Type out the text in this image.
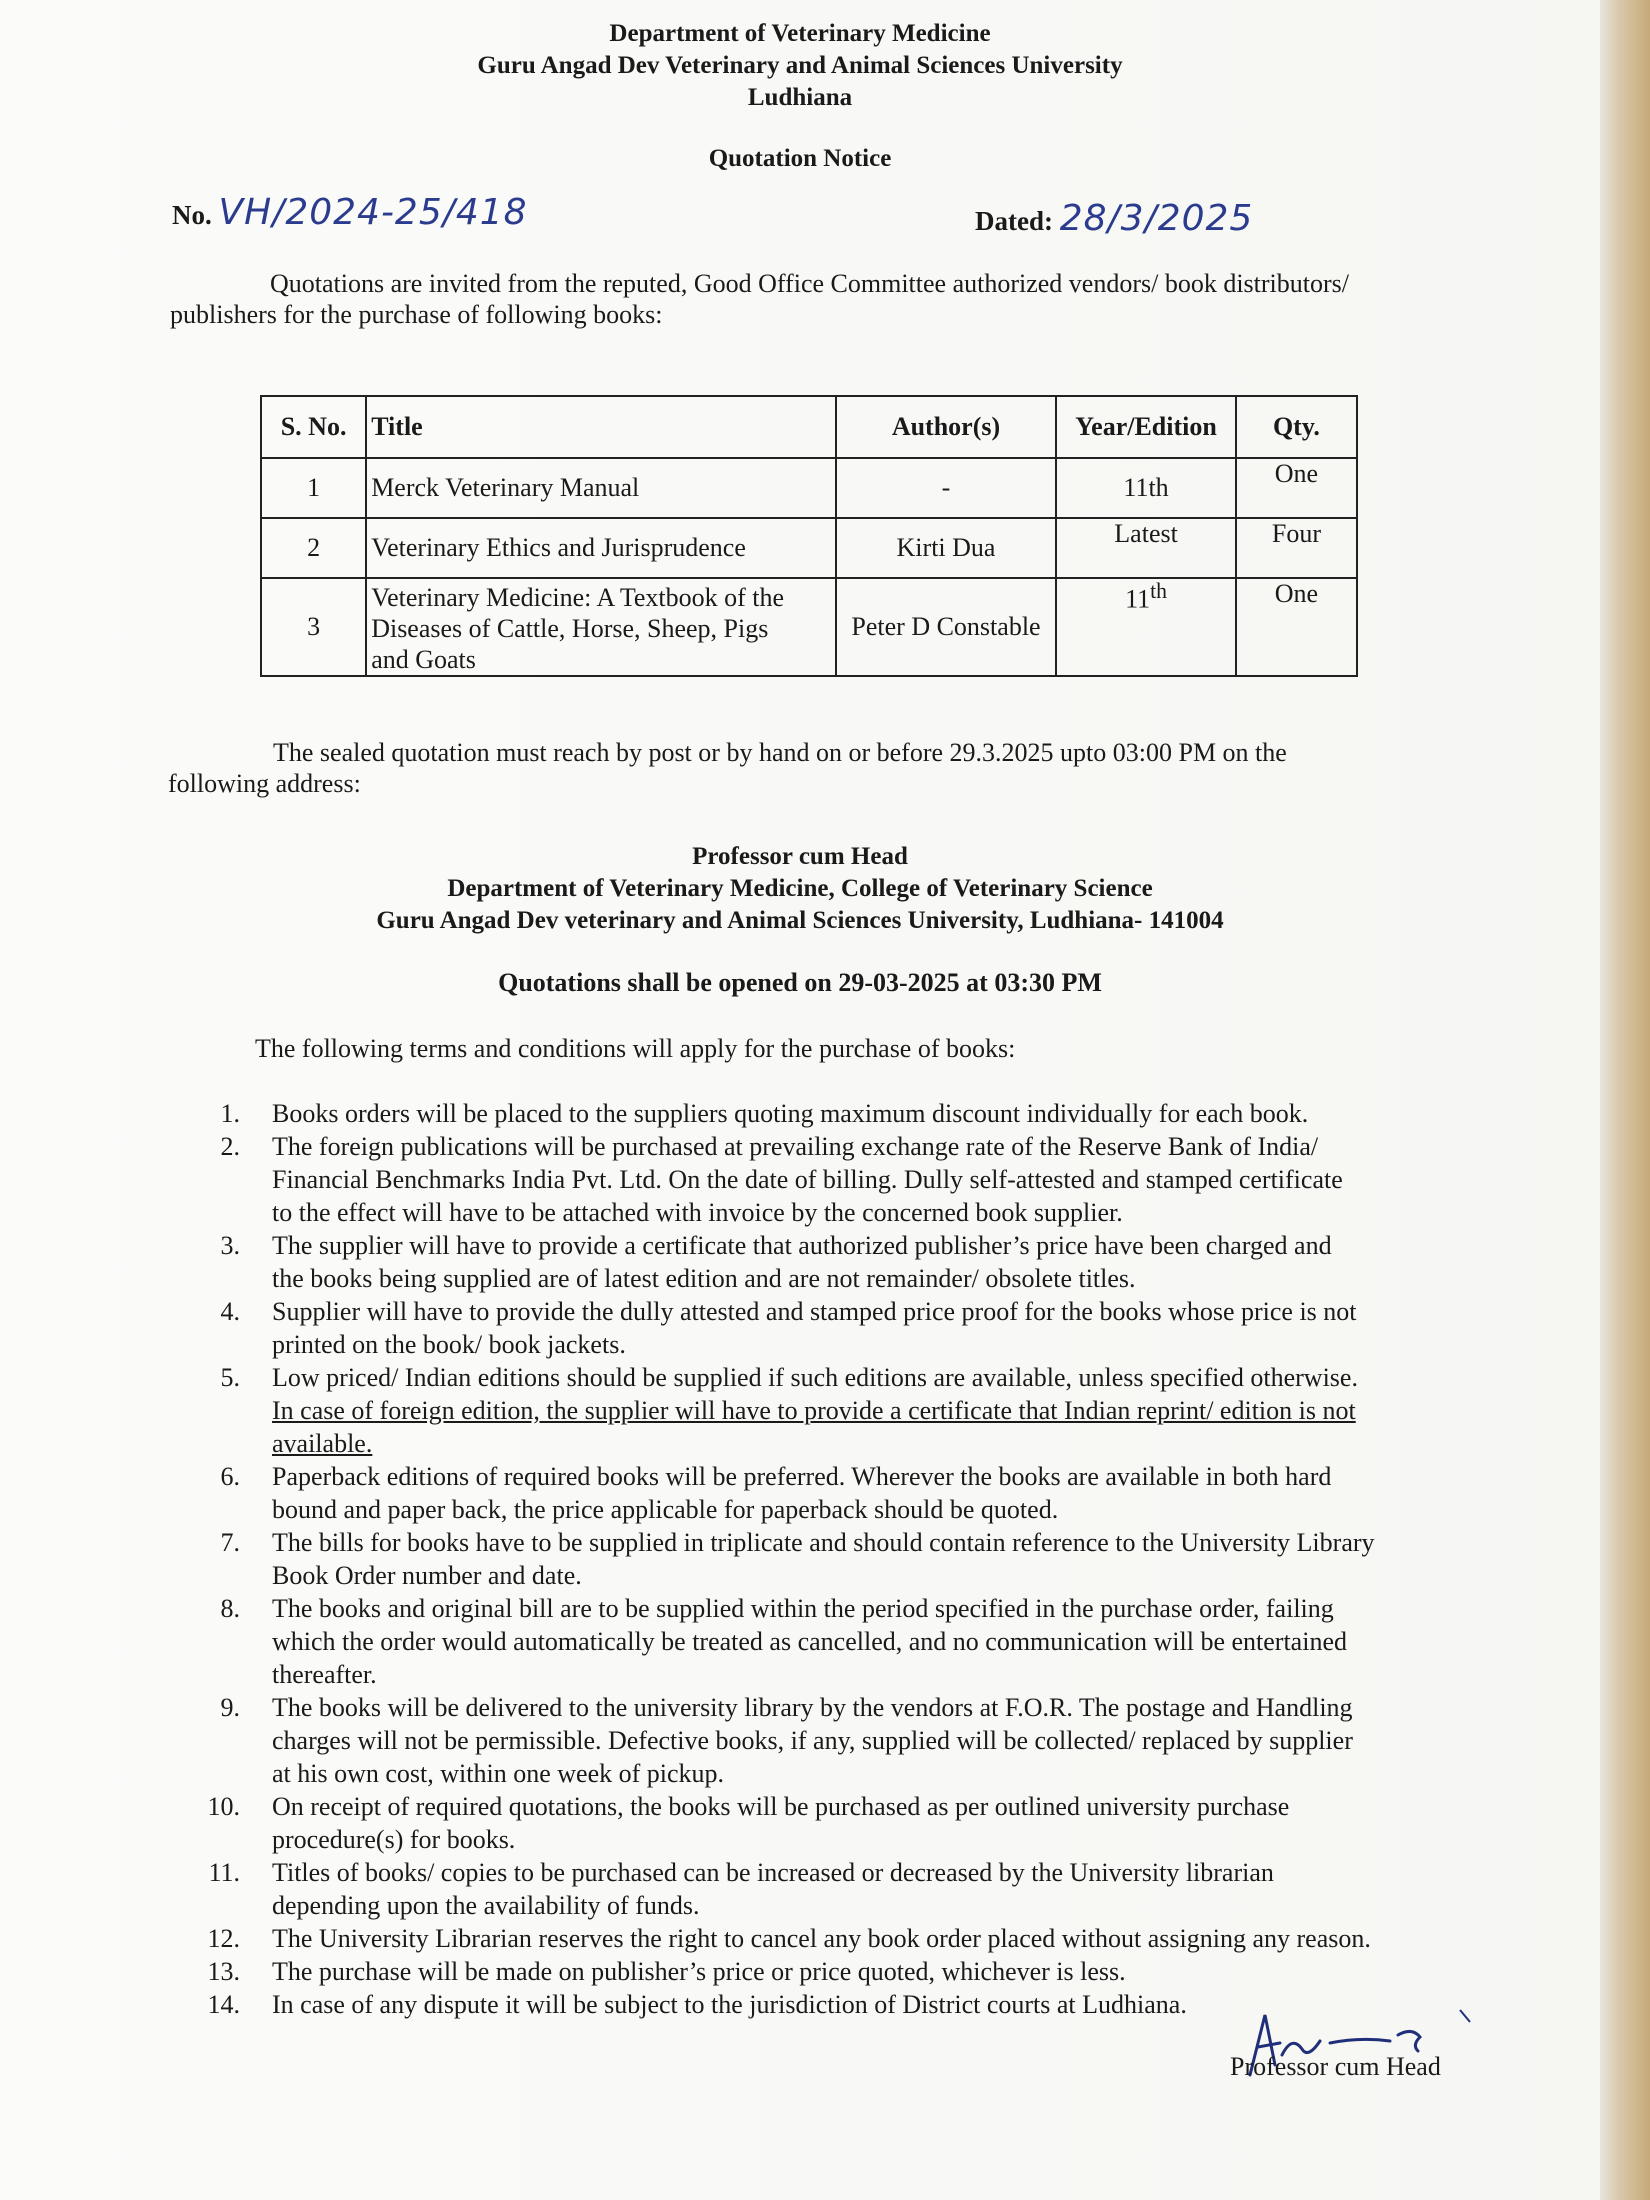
Department of Veterinary Medicine
Guru Angad Dev Veterinary and Animal Sciences University
Ludhiana
Quotation Notice
No. VH/2024-25/418	Dated: 28/3/2025
Quotations are invited from the reputed, Good Office Committee authorized vendors/ book distributors/
publishers for the purchase of following books:
S. No.	Title	Author(s)	Year/Edition	Qty.
1	Merck Veterinary Manual	-	11th	One
2	Veterinary Ethics and Jurisprudence	Kirti Dua	Latest	Four
3	Veterinary Medicine: A Textbook of the
Diseases of Cattle, Horse, Sheep, Pigs
and Goats	Peter D Constable	11th	One
The sealed quotation must reach by post or by hand on or before 29.3.2025 upto 03:00 PM on the
following address:
Professor cum Head
Department of Veterinary Medicine, College of Veterinary Science
Guru Angad Dev veterinary and Animal Sciences University, Ludhiana- 141004
Quotations shall be opened on 29-03-2025 at 03:30 PM
The following terms and conditions will apply for the purchase of books:
1. Books orders will be placed to the suppliers quoting maximum discount individually for each book.
2. The foreign publications will be purchased at prevailing exchange rate of the Reserve Bank of India/
Financial Benchmarks India Pvt. Ltd. On the date of billing. Dully self-attested and stamped certificate
to the effect will have to be attached with invoice by the concerned book supplier.
3. The supplier will have to provide a certificate that authorized publisher’s price have been charged and
the books being supplied are of latest edition and are not remainder/ obsolete titles.
4. Supplier will have to provide the dully attested and stamped price proof for the books whose price is not
printed on the book/ book jackets.
5. Low priced/ Indian editions should be supplied if such editions are available, unless specified otherwise.
In case of foreign edition, the supplier will have to provide a certificate that Indian reprint/ edition is not
available.
6. Paperback editions of required books will be preferred. Wherever the books are available in both hard
bound and paper back, the price applicable for paperback should be quoted.
7. The bills for books have to be supplied in triplicate and should contain reference to the University Library
Book Order number and date.
8. The books and original bill are to be supplied within the period specified in the purchase order, failing
which the order would automatically be treated as cancelled, and no communication will be entertained
thereafter.
9. The books will be delivered to the university library by the vendors at F.O.R. The postage and Handling
charges will not be permissible. Defective books, if any, supplied will be collected/ replaced by supplier
at his own cost, within one week of pickup.
10. On receipt of required quotations, the books will be purchased as per outlined university purchase
procedure(s) for books.
11. Titles of books/ copies to be purchased can be increased or decreased by the University librarian
depending upon the availability of funds.
12. The University Librarian reserves the right to cancel any book order placed without assigning any reason.
13. The purchase will be made on publisher’s price or price quoted, whichever is less.
14. In case of any dispute it will be subject to the jurisdiction of District courts at Ludhiana.
Professor cum Head
